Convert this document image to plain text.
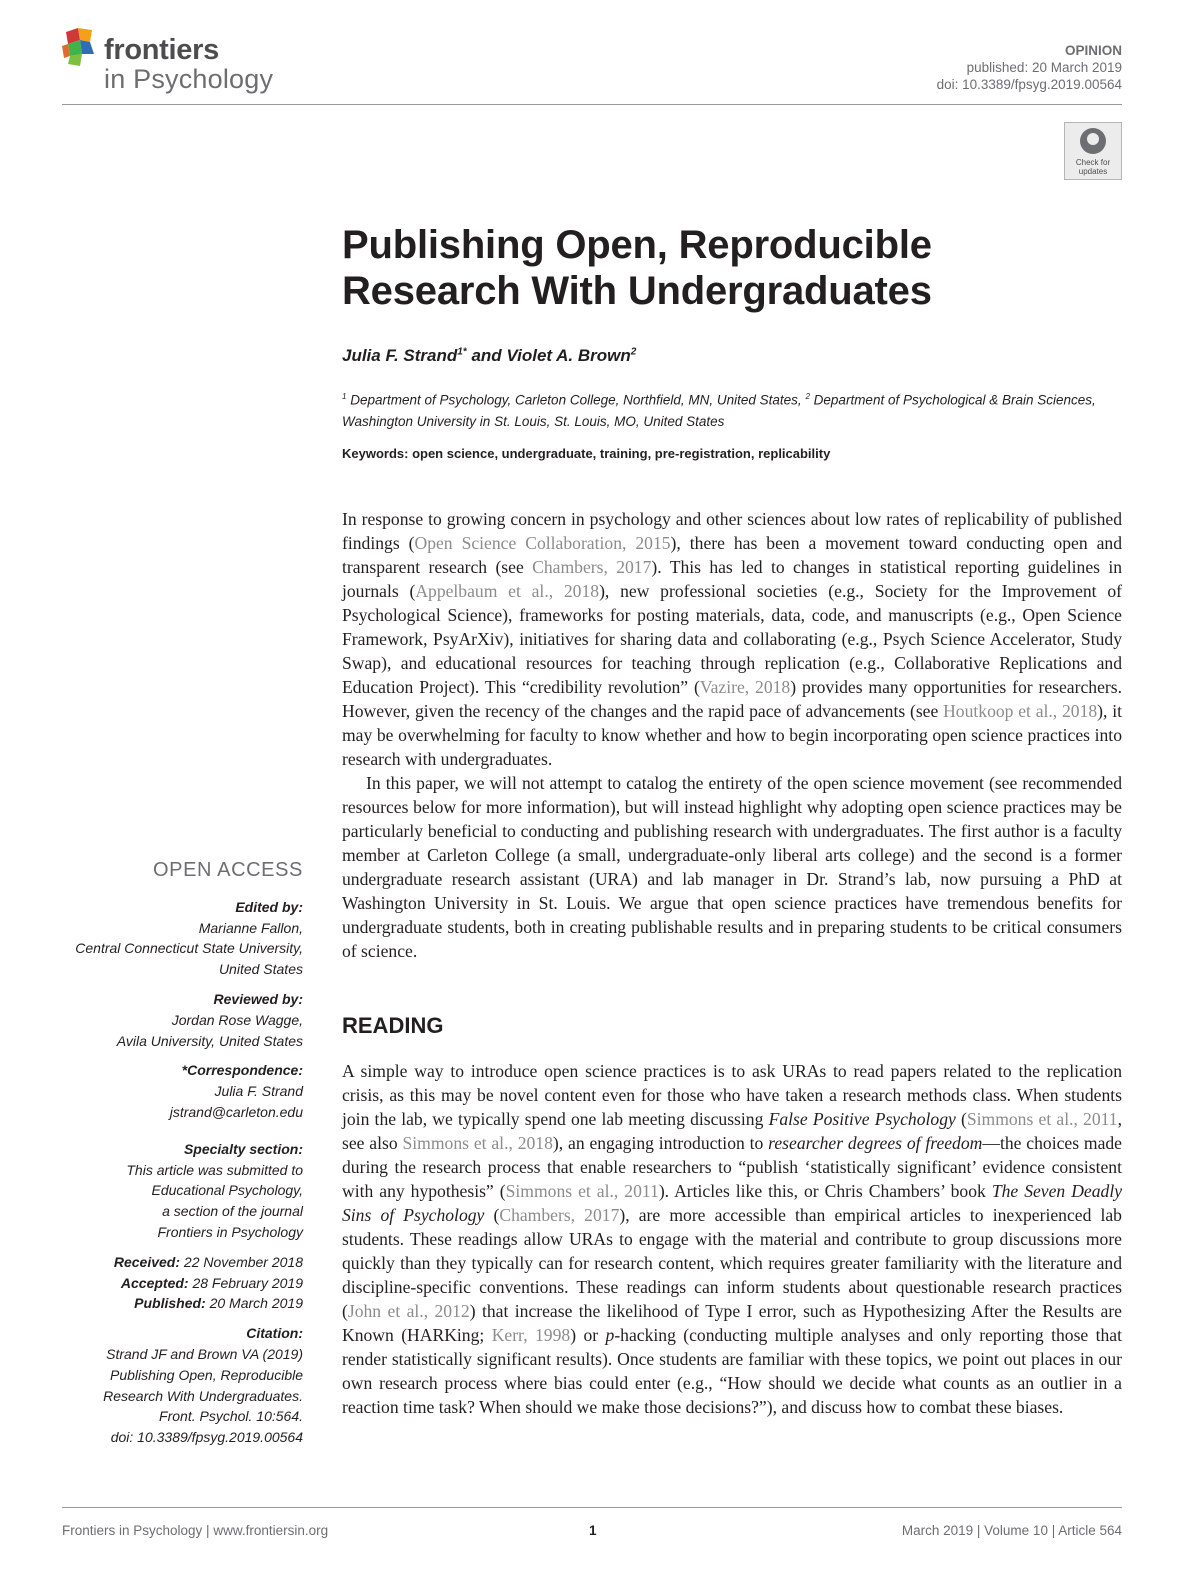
frontiers
in Psychology
OPINION
published: 20 March 2019
doi: 10.3389/fpsyg.2019.00564
Check for updates
Publishing Open, Reproducible Research With Undergraduates
Julia F. Strand$^{1*}$ and Violet A. Brown$^2$
$^1$ Department of Psychology, Carleton College, Northfield, MN, United States, $^2$ Department of Psychological & Brain Sciences, Washington University in St. Louis, St. Louis, MO, United States
Keywords: open science, undergraduate, training, pre-registration, replicability

In response to growing concern in psychology and other sciences about low rates of replicability of published findings (Open Science Collaboration, 2015), there has been a movement toward conducting open and transparent research (see Chambers, 2017). This has led to changes in statistical reporting guidelines in journals (Appelbaum et al., 2018), new professional societies (e.g., Society for the Improvement of Psychological Science), frameworks for posting materials, data, code, and manuscripts (e.g., Open Science Framework, PsyArXiv), initiatives for sharing data and collaborating (e.g., Psych Science Accelerator, Study Swap), and educational resources for teaching through replication (e.g., Collaborative Replications and Education Project). This “credibility revolution” (Vazire, 2018) provides many opportunities for researchers. However, given the recency of the changes and the rapid pace of advancements (see Houtkoop et al., 2018), it may be overwhelming for faculty to know whether and how to begin incorporating open science practices into research with undergraduates.

In this paper, we will not attempt to catalog the entirety of the open science movement (see recommended resources below for more information), but will instead highlight why adopting open science practices may be particularly beneficial to conducting and publishing research with undergraduates. The first author is a faculty member at Carleton College (a small, undergraduate-only liberal arts college) and the second is a former undergraduate research assistant (URA) and lab manager in Dr. Strand’s lab, now pursuing a PhD at Washington University in St. Louis. We argue that open science practices have tremendous benefits for undergraduate students, both in creating publishable results and in preparing students to be critical consumers of science.

READING

A simple way to introduce open science practices is to ask URAs to read papers related to the replication crisis, as this may be novel content even for those who have taken a research methods class. When students join the lab, we typically spend one lab meeting discussing False Positive Psychology (Simmons et al., 2011, see also Simmons et al., 2018), an engaging introduction to researcher degrees of freedom—the choices made during the research process that enable researchers to “publish ‘statistically significant’ evidence consistent with any hypothesis” (Simmons et al., 2011). Articles like this, or Chris Chambers’ book The Seven Deadly Sins of Psychology (Chambers, 2017), are more accessible than empirical articles to inexperienced lab students. These readings allow URAs to engage with the material and contribute to group discussions more quickly than they typically can for research content, which requires greater familiarity with the literature and discipline-specific conventions. These readings can inform students about questionable research practices (John et al., 2012) that increase the likelihood of Type I error, such as Hypothesizing After the Results are Known (HARKing; Kerr, 1998) or p-hacking (conducting multiple analyses and only reporting those that render statistically significant results). Once students are familiar with these topics, we point out places in our own research process where bias could enter (e.g., “How should we decide what counts as an outlier in a reaction time task? When should we make those decisions?”), and discuss how to combat these biases.

OPEN ACCESS
Edited by:
Marianne Fallon,
Central Connecticut State University,
United States
Reviewed by:
Jordan Rose Wagge,
Avila University, United States
*Correspondence:
Julia F. Strand
jstrand@carleton.edu
Specialty section:
This article was submitted to
Educational Psychology,
a section of the journal
Frontiers in Psychology
Received: 22 November 2018
Accepted: 28 February 2019
Published: 20 March 2019
Citation:
Strand JF and Brown VA (2019)
Publishing Open, Reproducible
Research With Undergraduates.
Front. Psychol. 10:564.
doi: 10.3389/fpsyg.2019.00564
Frontiers in Psychology | www.frontiersin.org	1	March 2019 | Volume 10 | Article 564
